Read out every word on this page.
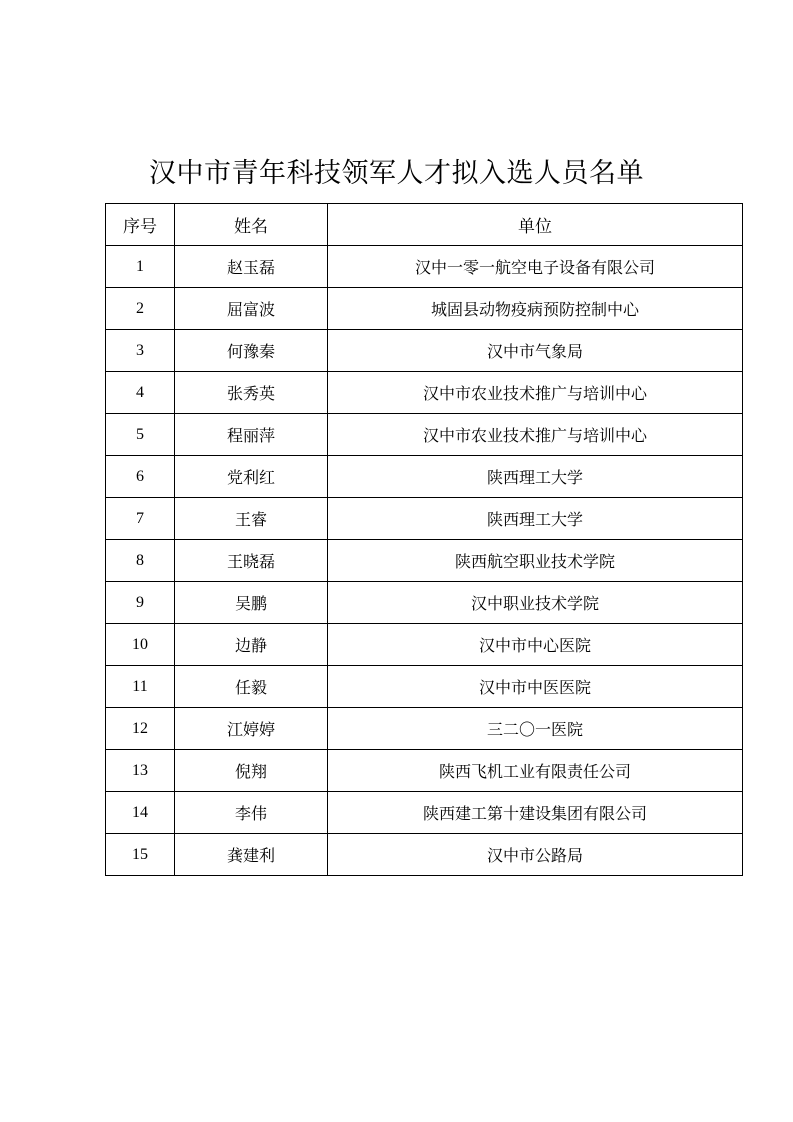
汉中市青年科技领军人才拟入选人员名单
序号	姓名	单位
1	赵玉磊	汉中一零一航空电子设备有限公司
2	屈富波	城固县动物疫病预防控制中心
3	何豫秦	汉中市气象局
4	张秀英	汉中市农业技术推广与培训中心
5	程丽萍	汉中市农业技术推广与培训中心
6	党利红	陕西理工大学
7	王睿	陕西理工大学
8	王晓磊	陕西航空职业技术学院
9	吴鹏	汉中职业技术学院
10	边静	汉中市中心医院
11	任毅	汉中市中医医院
12	江婷婷	三二〇一医院
13	倪翔	陕西飞机工业有限责任公司
14	李伟	陕西建工第十建设集团有限公司
15	龚建利	汉中市公路局
